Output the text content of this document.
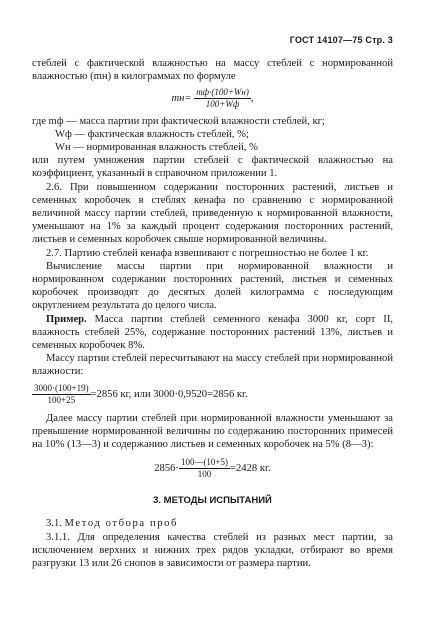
ГОСТ 14107—75 Стр. 3

стеблей с фактической влажностью на массу стеблей с нормированной влажностью (mн) в килограммах по формуле

$mн= \frac{mф\cdot(100+Wн)}{100+Wф}$ ,

где mф — масса партии при фактической влажности стеблей, кг;

Wф — фактическая влажность стеблей, %;

Wн — нормированная влажность стеблей, %

или путем умножения партии стеблей с фактической влажностью на коэффициент, указанный в справочном приложении 1.

2.6. При повышенном содержании посторонних растений, листьев и семенных коробочек в стеблях кенафа по сравнению с нормированной величиной массу партии стеблей, приведенную к нормированной влажности, уменьшают на 1% за каждый процент содержания посторонних растений, листьев и семенных коробочек свыше нормированной величины.

2.7. Партию стеблей кенафа взвешивают с погрешностью не более 1 кг.

Вычисление массы партии при нормированной влажности и нормированном содержании посторонних растений, листьев и семенных коробочек производят до десятых долей килограмма с последующим округлением результата до целого числа.

Пример. Масса партии стеблей семенного кенафа 3000 кг, сорт II, влажность стеблей 25%, содержание посторонних растений 13%, листьев и семенных коробочек 8%.

Массу партии стеблей пересчитывают на массу стеблей при нормированной влажности:

$\frac{3000\cdot(100+19)}{100+25} =2856$ кг, или 3000·0,9520=2856 кг.

Далее массу партии стеблей при нормированной влажности уменьшают за превышение нормированной величины по содержанию посторонних примесей на 10% (13—3) и содержанию листьев и семенных коробочек на 5% (8—3):

$2856\cdot \frac{100—(10+5)}{100} =2428$ кг.
3. МЕТОДЫ ИСПЫТАНИЙ

3.1. Метод отбора проб

3.1.1. Для определения качества стеблей из разных мест партии, за исключением верхних и нижних трех рядов укладки, отбирают во время разгрузки 13 или 26 снопов в зависимости от размера партии.
